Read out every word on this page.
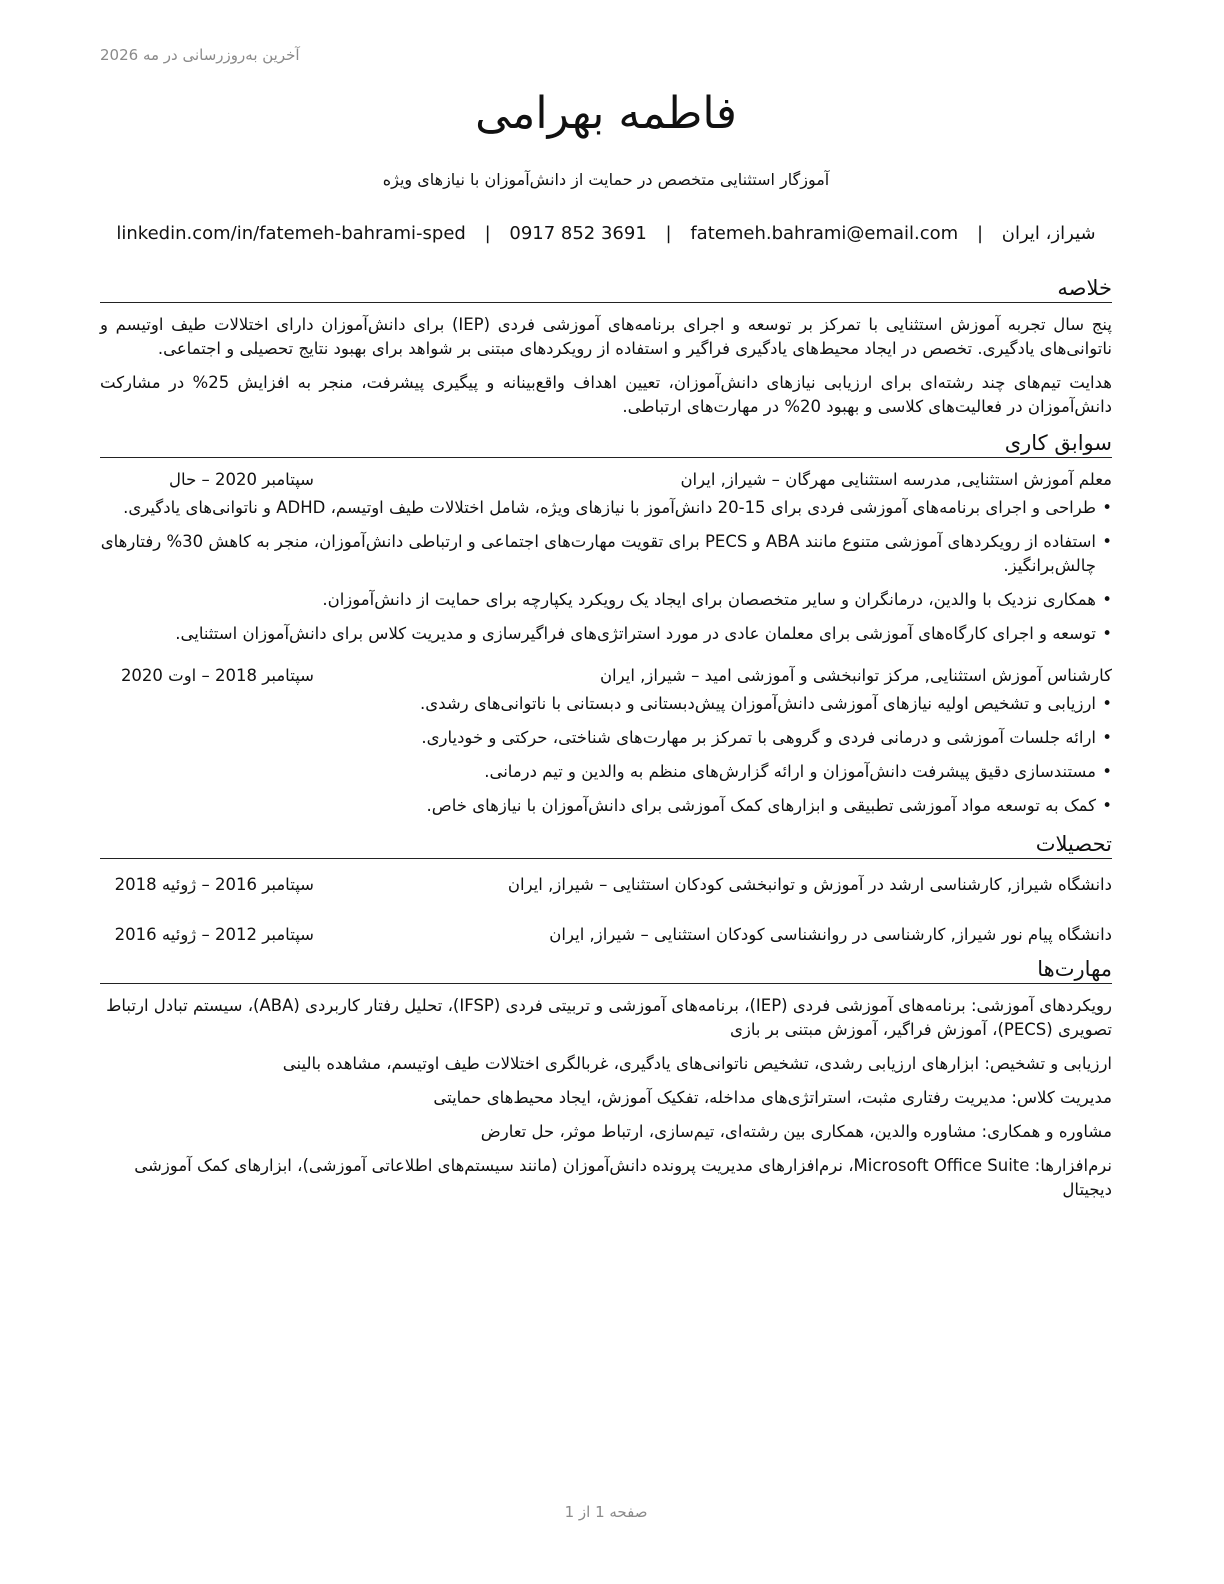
آخرین به‌روزرسانی در مه 2026
فاطمه بهرامی
آموزگار استثنایی متخصص در حمایت از دانش‌آموزان با نیازهای ویژه
شیراز، ایران | fatemeh.bahrami@email.com | 0917 852 3691 | linkedin.com/in/fatemeh-bahrami-sped
خلاصه

پنج سال تجربه آموزش استثنایی با تمرکز بر توسعه و اجرای برنامه‌های آموزشی فردی (IEP) برای دانش‌آموزان دارای اختلالات طیف اوتیسم و ناتوانی‌های یادگیری. تخصص در ایجاد محیط‌های یادگیری فراگیر و استفاده از رویکردهای مبتنی بر شواهد برای بهبود نتایج تحصیلی و اجتماعی.

هدایت تیم‌های چند رشته‌ای برای ارزیابی نیازهای دانش‌آموزان، تعیین اهداف واقع‌بینانه و پیگیری پیشرفت، منجر به افزایش 25% در مشارکت دانش‌آموزان در فعالیت‌های کلاسی و بهبود 20% در مهارت‌های ارتباطی.

سوابق کاری
معلم آموزش استثنایی, مدرسه استثنایی مهرگان – شیراز, ایران
سپتامبر 2020 – حال
• طراحی و اجرای برنامه‌های آموزشی فردی برای 15-20 دانش‌آموز با نیازهای ویژه، شامل اختلالات طیف اوتیسم، ADHD و ناتوانی‌های یادگیری.
• استفاده از رویکردهای آموزشی متنوع مانند ABA و PECS برای تقویت مهارت‌های اجتماعی و ارتباطی دانش‌آموزان، منجر به کاهش 30% رفتارهای چالش‌برانگیز.
• همکاری نزدیک با والدین، درمانگران و سایر متخصصان برای ایجاد یک رویکرد یکپارچه برای حمایت از دانش‌آموزان.
• توسعه و اجرای کارگاه‌های آموزشی برای معلمان عادی در مورد استراتژی‌های فراگیرسازی و مدیریت کلاس برای دانش‌آموزان استثنایی.
کارشناس آموزش استثنایی, مرکز توانبخشی و آموزشی امید – شیراز, ایران
سپتامبر 2018 – اوت 2020
• ارزیابی و تشخیص اولیه نیازهای آموزشی دانش‌آموزان پیش‌دبستانی و دبستانی با ناتوانی‌های رشدی.
• ارائه جلسات آموزشی و درمانی فردی و گروهی با تمرکز بر مهارت‌های شناختی، حرکتی و خودیاری.
• مستندسازی دقیق پیشرفت دانش‌آموزان و ارائه گزارش‌های منظم به والدین و تیم درمانی.
• کمک به توسعه مواد آموزشی تطبیقی و ابزارهای کمک آموزشی برای دانش‌آموزان با نیازهای خاص.
تحصیلات
دانشگاه شیراز, کارشناسی ارشد در آموزش و توانبخشی کودکان استثنایی – شیراز, ایران
سپتامبر 2016 – ژوئیه 2018
دانشگاه پیام نور شیراز, کارشناسی در روانشناسی کودکان استثنایی – شیراز, ایران
سپتامبر 2012 – ژوئیه 2016
مهارت‌ها
رویکردهای آموزشی: برنامه‌های آموزشی فردی (IEP)، برنامه‌های آموزشی و تربیتی فردی (IFSP)، تحلیل رفتار کاربردی (ABA)، سیستم تبادل ارتباط تصویری (PECS)، آموزش فراگیر، آموزش مبتنی بر بازی
ارزیابی و تشخیص: ابزارهای ارزیابی رشدی، تشخیص ناتوانی‌های یادگیری، غربالگری اختلالات طیف اوتیسم، مشاهده بالینی
مدیریت کلاس: مدیریت رفتاری مثبت، استراتژی‌های مداخله، تفکیک آموزش، ایجاد محیط‌های حمایتی
مشاوره و همکاری: مشاوره والدین، همکاری بین رشته‌ای، تیم‌سازی، ارتباط موثر، حل تعارض
نرم‌افزارها: Microsoft Office Suite، نرم‌افزارهای مدیریت پرونده دانش‌آموزان (مانند سیستم‌های اطلاعاتی آموزشی)، ابزارهای کمک آموزشی دیجیتال
صفحه 1 از 1
